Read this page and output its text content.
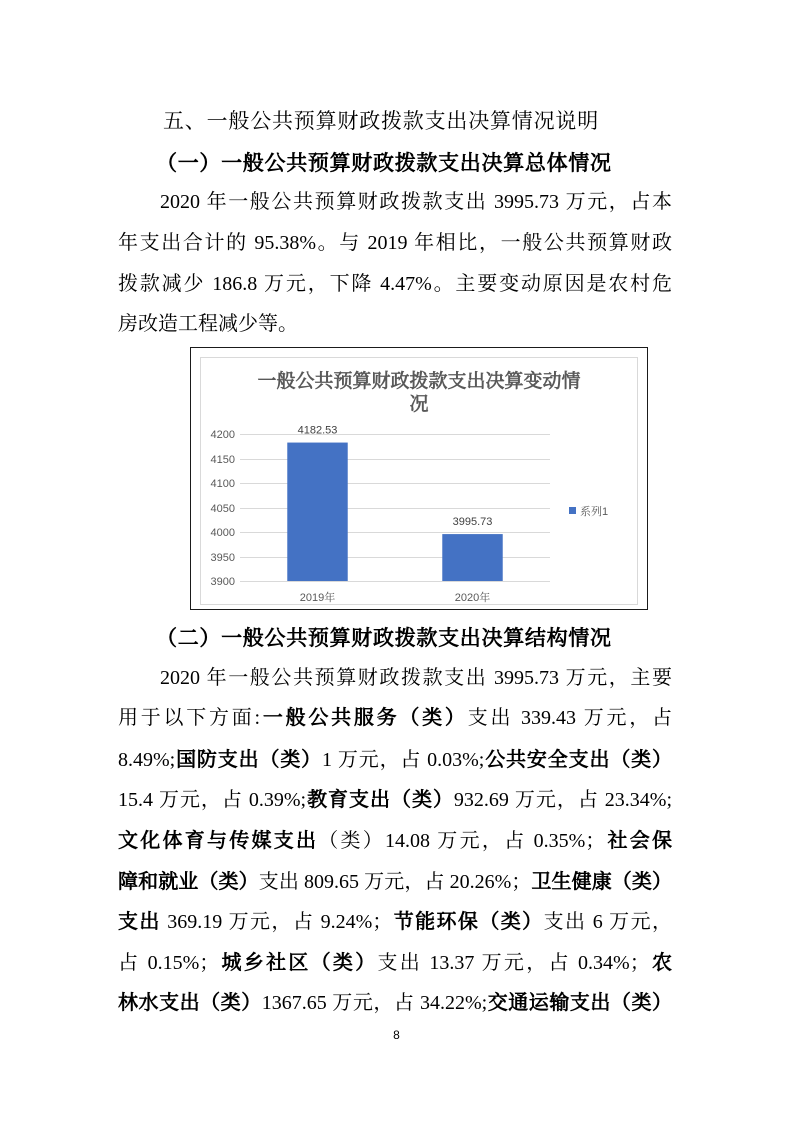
五、一般公共预算财政拨款支出决算情况说明
（一）一般公共预算财政拨款支出决算总体情况
2020 年一般公共预算财政拨款支出 3995.73 万元，占本
年支出合计的 95.38%。与 2019 年相比，一般公共预算财政
拨款减少 186.8 万元，下降 4.47%。主要变动原因是农村危
房改造工程减少等。
3900
3950
4000
4050
4100
4150
4200	4182.53
3995.73
2019年	2020年
系列1
一般公共预算财政拨款支出决算变动情况
（二）一般公共预算财政拨款支出决算结构情况
2020 年一般公共预算财政拨款支出 3995.73 万元，主要
用于以下方面:一般公共服务（类）支出 339.43 万元，占
8.49%;国防支出（类）1 万元，占 0.03%;公共安全支出（类）
15.4 万元，占 0.39%;教育支出（类）932.69 万元，占 23.34%;
文化体育与传媒支出（类）14.08 万元，占 0.35%；社会保
障和就业（类）支出 809.65 万元，占 20.26%；卫生健康（类）
支出 369.19 万元，占 9.24%；节能环保（类）支出 6 万元，
占 0.15%；城乡社区（类）支出 13.37 万元，占 0.34%；农
林水支出（类）1367.65 万元，占 34.22%;交通运输支出（类）
8
